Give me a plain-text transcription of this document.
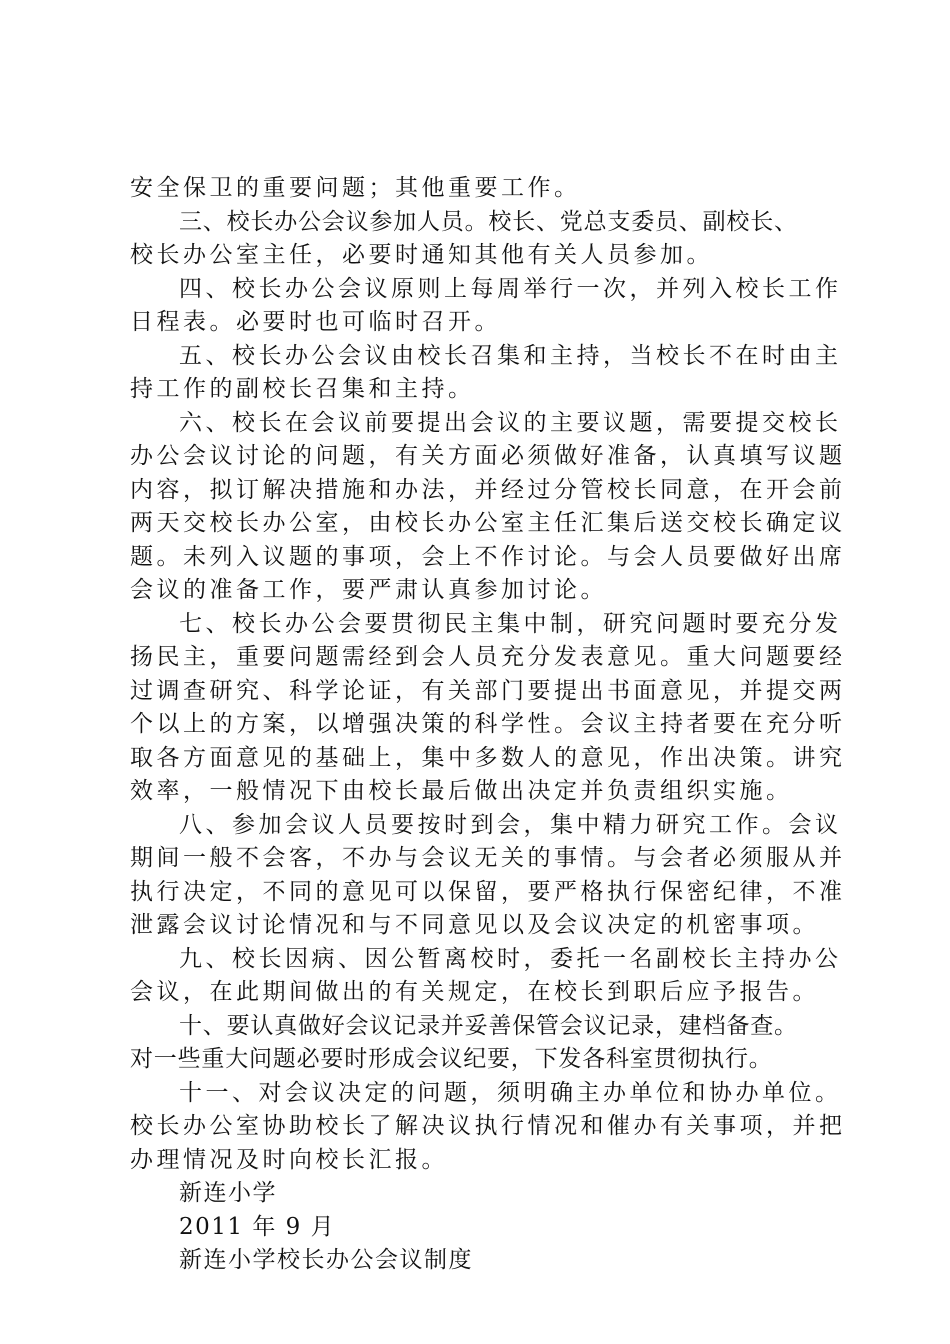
安全保卫的重要问题；其他重要工作。
三、校长办公会议参加人员。校长、党总支委员、副校长、
校长办公室主任，必要时通知其他有关人员参加。
四、校长办公会议原则上每周举行一次，并列入校长工作
日程表。必要时也可临时召开。
五、校长办公会议由校长召集和主持，当校长不在时由主
持工作的副校长召集和主持。
六、校长在会议前要提出会议的主要议题，需要提交校长
办公会议讨论的问题，有关方面必须做好准备，认真填写议题
内容，拟订解决措施和办法，并经过分管校长同意，在开会前
两天交校长办公室，由校长办公室主任汇集后送交校长确定议
题。未列入议题的事项，会上不作讨论。与会人员要做好出席
会议的准备工作，要严肃认真参加讨论。
七、校长办公会要贯彻民主集中制，研究问题时要充分发
扬民主，重要问题需经到会人员充分发表意见。重大问题要经
过调查研究、科学论证，有关部门要提出书面意见，并提交两
个以上的方案，以增强决策的科学性。会议主持者要在充分听
取各方面意见的基础上，集中多数人的意见，作出决策。讲究
效率，一般情况下由校长最后做出决定并负责组织实施。
八、参加会议人员要按时到会，集中精力研究工作。会议
期间一般不会客，不办与会议无关的事情。与会者必须服从并
执行决定，不同的意见可以保留，要严格执行保密纪律，不准
泄露会议讨论情况和与不同意见以及会议决定的机密事项。
九、校长因病、因公暂离校时，委托一名副校长主持办公
会议，在此期间做出的有关规定，在校长到职后应予报告。
十、要认真做好会议记录并妥善保管会议记录，建档备查。
对一些重大问题必要时形成会议纪要，下发各科室贯彻执行。
十一、对会议决定的问题，须明确主办单位和协办单位。
校长办公室协助校长了解决议执行情况和催办有关事项，并把
办理情况及时向校长汇报。
新连小学
2011 年 9 月
新连小学校长办公会议制度
